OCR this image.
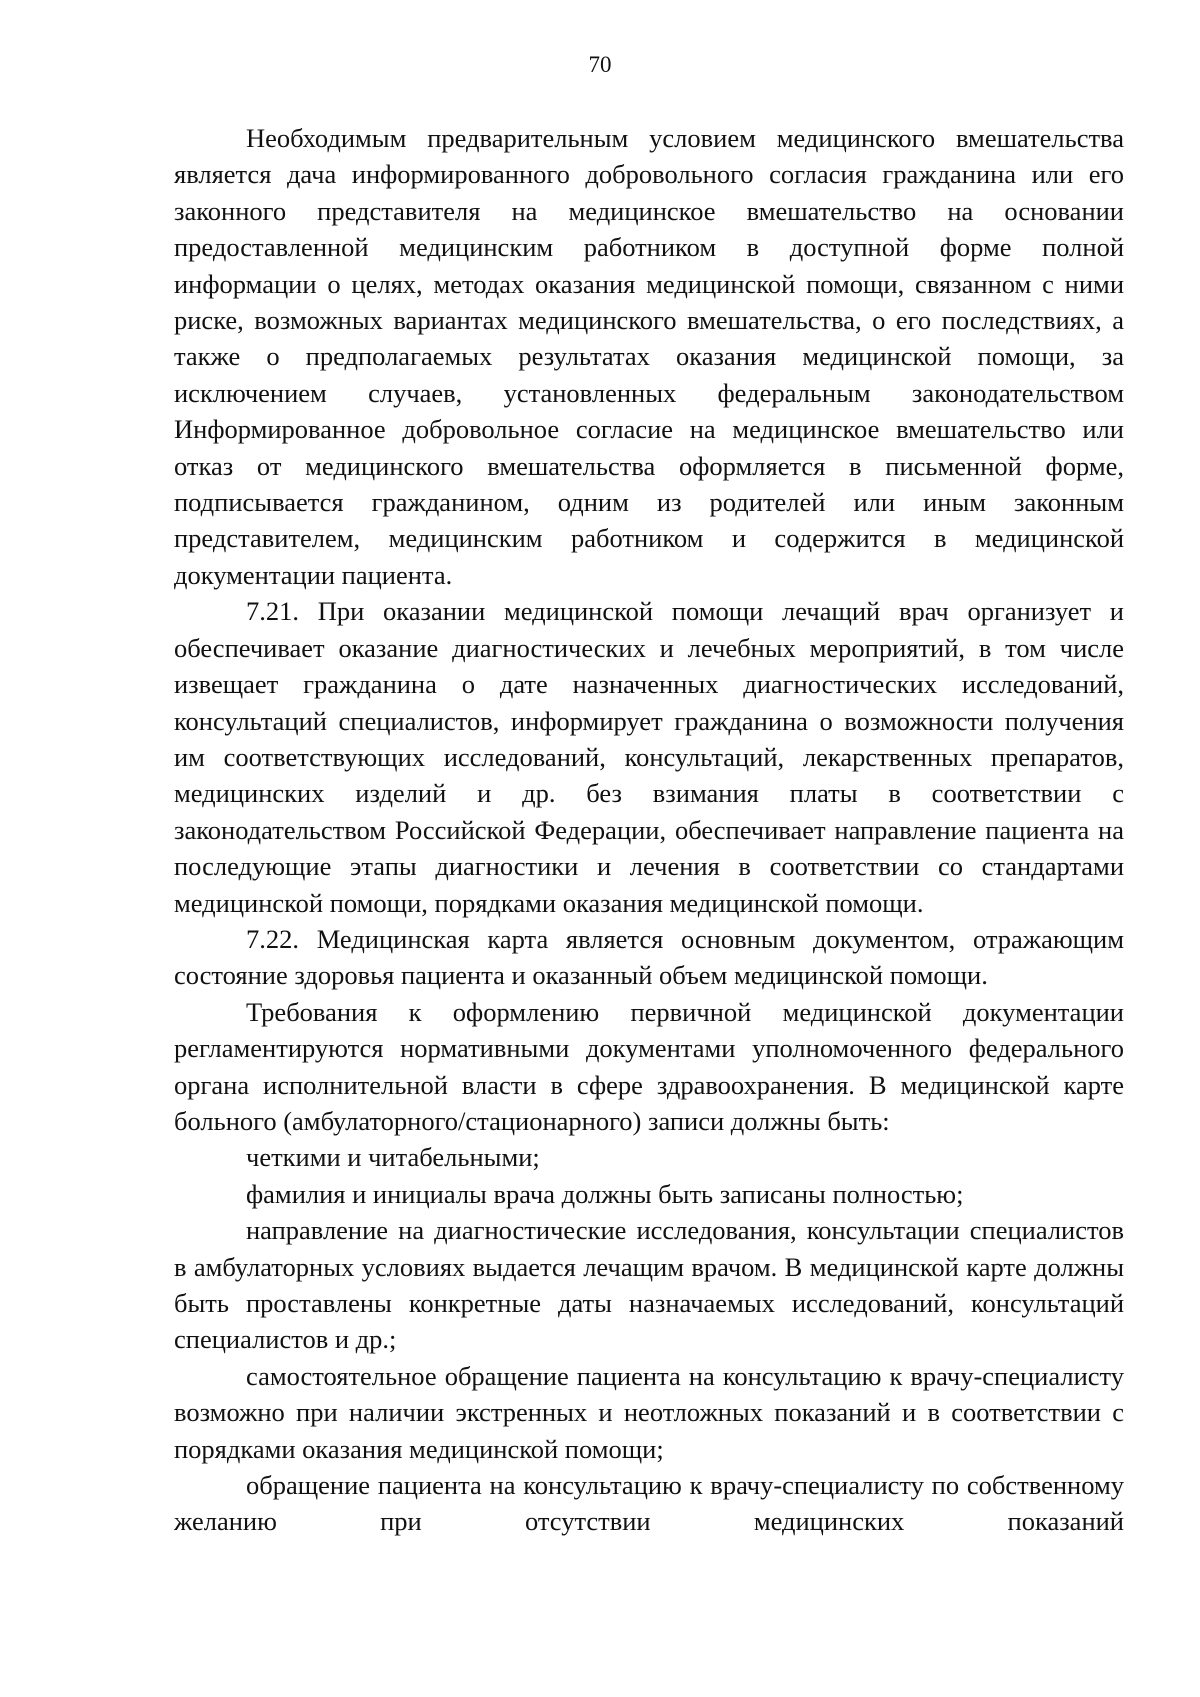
70

Необходимым предварительным условием медицинского вмешательства является дача информированного добровольного согласия гражданина или его законного представителя на медицинское вмешательство на основании предоставленной медицинским работником в доступной форме полной информации о целях, методах оказания медицинской помощи, связанном с ними риске, возможных вариантах медицинского вмешательства, о его последствиях, а также о предполагаемых результатах оказания медицинской помощи, за исключением случаев, установленных федеральным законодательством Информированное добровольное согласие на медицинское вмешательство или отказ от медицинского вмешательства оформляется в письменной форме, подписывается гражданином, одним из родителей или иным законным представителем, медицинским работником и содержится в медицинской документации пациента.

7.21. При оказании медицинской помощи лечащий врач организует и обеспечивает оказание диагностических и лечебных мероприятий, в том числе извещает гражданина о дате назначенных диагностических исследований, консультаций специалистов, информирует гражданина о возможности получения им соответствующих исследований, консультаций, лекарственных препаратов, медицинских изделий и др. без взимания платы в соответствии с законодательством Российской Федерации, обеспечивает направление пациента на последующие этапы диагностики и лечения в соответствии со стандартами медицинской помощи, порядками оказания медицинской помощи.

7.22. Медицинская карта является основным документом, отражающим состояние здоровья пациента и оказанный объем медицинской помощи.

Требования к оформлению первичной медицинской документации регламентируются нормативными документами уполномоченного федерального органа исполнительной власти в сфере здравоохранения. В медицинской карте больного (амбулаторного/стационарного) записи должны быть:

четкими и читабельными;

фамилия и инициалы врача должны быть записаны полностью;

направление на диагностические исследования, консультации специалистов в амбулаторных условиях выдается лечащим врачом. В медицинской карте должны быть проставлены конкретные даты назначаемых исследований, консультаций специалистов и др.;

самостоятельное обращение пациента на консультацию к врачу-специалисту возможно при наличии экстренных и неотложных показаний и в соответствии с порядками оказания медицинской помощи;

обращение пациента на консультацию к врачу-специалисту по собственному желанию при отсутствии медицинских показаний
